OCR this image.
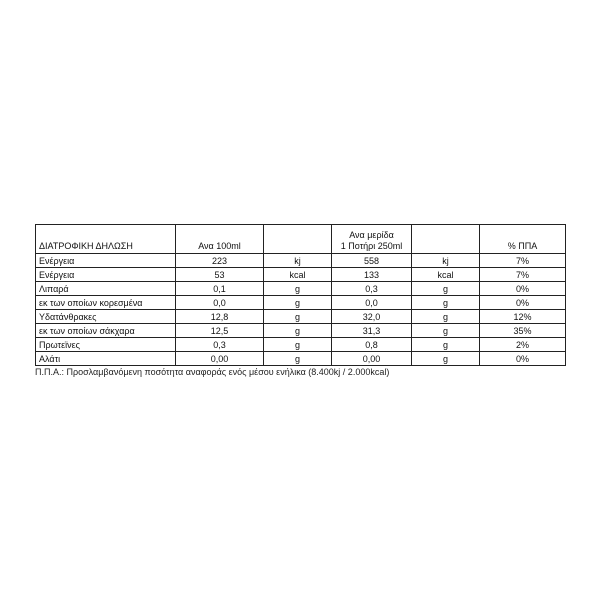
ΔΙΑΤΡΟΦΙΚΗ ΔΗΛΩΣΗ	Ανα 100ml		Ανα μερίδα
1 Ποτήρι 250ml		% ΠΠΑ
Ενέργεια	223	kj	558	kj	7%
Ενέργεια	53	kcal	133	kcal	7%
Λιπαρά	0,1	g	0,3	g	0%
εκ των οποίων κορεσμένα	0,0	g	0,0	g	0%
Υδατάνθρακες	12,8	g	32,0	g	12%
εκ των οποίων σάκχαρα	12,5	g	31,3	g	35%
Πρωτεϊνες	0,3	g	0,8	g	2%
Αλάτι	0,00	g	0,00	g	0%
Π.Π.Α.: Προσλαμβανόμενη ποσότητα αναφοράς ενός μέσου ενήλικα (8.400kj / 2.000kcal)
